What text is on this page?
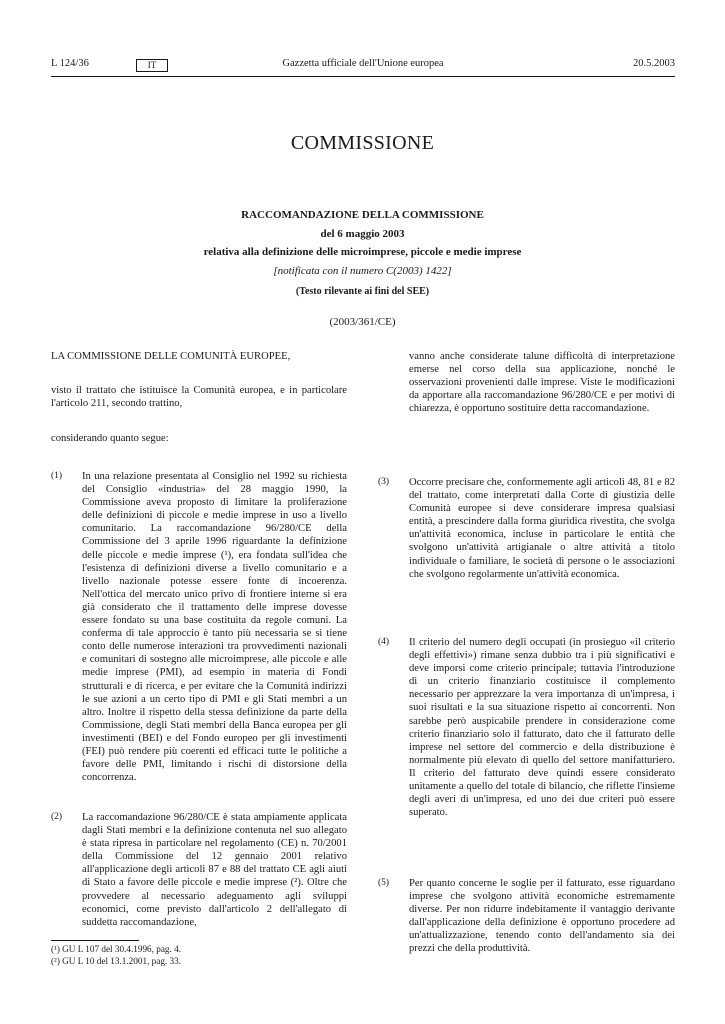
L 124/36	IT	Gazzetta ufficiale dell'Unione europea	20.5.2003
COMMISSIONE
RACCOMANDAZIONE DELLA COMMISSIONE
del 6 maggio 2003
relativa alla definizione delle microimprese, piccole e medie imprese
[notificata con il numero C(2003) 1422]
(Testo rilevante ai fini del SEE)
(2003/361/CE)
LA COMMISSIONE DELLE COMUNITÀ EUROPEE,
visto il trattato che istituisce la Comunità europea, e in particolare l'articolo 211, secondo trattino,
considerando quanto segue:
(1) In una relazione presentata al Consiglio nel 1992 su richiesta del Consiglio «industria» del 28 maggio 1990, la Commissione aveva proposto di limitare la proliferazione delle definizioni di piccole e medie imprese in uso a livello comunitario. La raccomandazione 96/280/CE della Commissione del 3 aprile 1996 riguardante la definizione delle piccole e medie imprese (¹), era fondata sull'idea che l'esistenza di definizioni diverse a livello comunitario e a livello nazionale potesse essere fonte di incoerenza. Nell'ottica del mercato unico privo di frontiere interne si era già considerato che il trattamento delle imprese dovesse essere fondato su una base costituita da regole comuni. La conferma di tale approccio è tanto più necessaria se si tiene conto delle numerose interazioni tra provvedimenti nazionali e comunitari di sostegno alle microimprese, alle piccole e alle medie imprese (PMI), ad esempio in materia di Fondi strutturali e di ricerca, e per evitare che la Comunità indirizzi le sue azioni a un certo tipo di PMI e gli Stati membri a un altro. Inoltre il rispetto della stessa definizione da parte della Commissione, degli Stati membri della Banca europea per gli investimenti (BEI) e del Fondo europeo per gli investimenti (FEI) può rendere più coerenti ed efficaci tutte le politiche a favore delle PMI, limitando i rischi di distorsione della concorrenza.
(2) La raccomandazione 96/280/CE è stata ampiamente applicata dagli Stati membri e la definizione contenuta nel suo allegato è stata ripresa in particolare nel regolamento (CE) n. 70/2001 della Commissione del 12 gennaio 2001 relativo all'applicazione degli articoli 87 e 88 del trattato CE agli aiuti di Stato a favore delle piccole e medie imprese (²). Oltre che provvedere al necessario adeguamento agli sviluppi economici, come previsto dall'articolo 2 dell'allegato di suddetta raccomandazione,
vanno anche considerate talune difficoltà di interpretazione emerse nel corso della sua applicazione, nonché le osservazioni provenienti dalle imprese. Viste le modificazioni da apportare alla raccomandazione 96/280/CE e per motivi di chiarezza, è opportuno sostituire detta raccomandazione.
(3) Occorre precisare che, conformemente agli articoli 48, 81 e 82 del trattato, come interpretati dalla Corte di giustizia delle Comunità europee si deve considerare impresa qualsiasi entità, a prescindere dalla forma giuridica rivestita, che svolga un'attività economica, incluse in particolare le entità che svolgono un'attività artigianale o altre attività a titolo individuale o familiare, le società di persone o le associazioni che svolgono regolarmente un'attività economica.
(4) Il criterio del numero degli occupati (in prosieguo «il criterio degli effettivi») rimane senza dubbio tra i più significativi e deve imporsi come criterio principale; tuttavia l'introduzione di un criterio finanziario costituisce il complemento necessario per apprezzare la vera importanza di un'impresa, i suoi risultati e la sua situazione rispetto ai concorrenti. Non sarebbe però auspicabile prendere in considerazione come criterio finanziario solo il fatturato, dato che il fatturato delle imprese nel settore del commercio e della distribuzione è normalmente più elevato di quello del settore manifatturiero. Il criterio del fatturato deve quindi essere considerato unitamente a quello del totale di bilancio, che riflette l'insieme degli averi di un'impresa, ed uno dei due criteri può essere superato.
(5) Per quanto concerne le soglie per il fatturato, esse riguardano imprese che svolgono attività economiche estremamente diverse. Per non ridurre indebitamente il vantaggio derivante dall'applicazione della definizione è opportuno procedere ad un'attualizzazione, tenendo conto dell'andamento sia dei prezzi che della produttività.
(¹) GU L 107 del 30.4.1996, pag. 4.
(²) GU L 10 del 13.1.2001, pag. 33.
